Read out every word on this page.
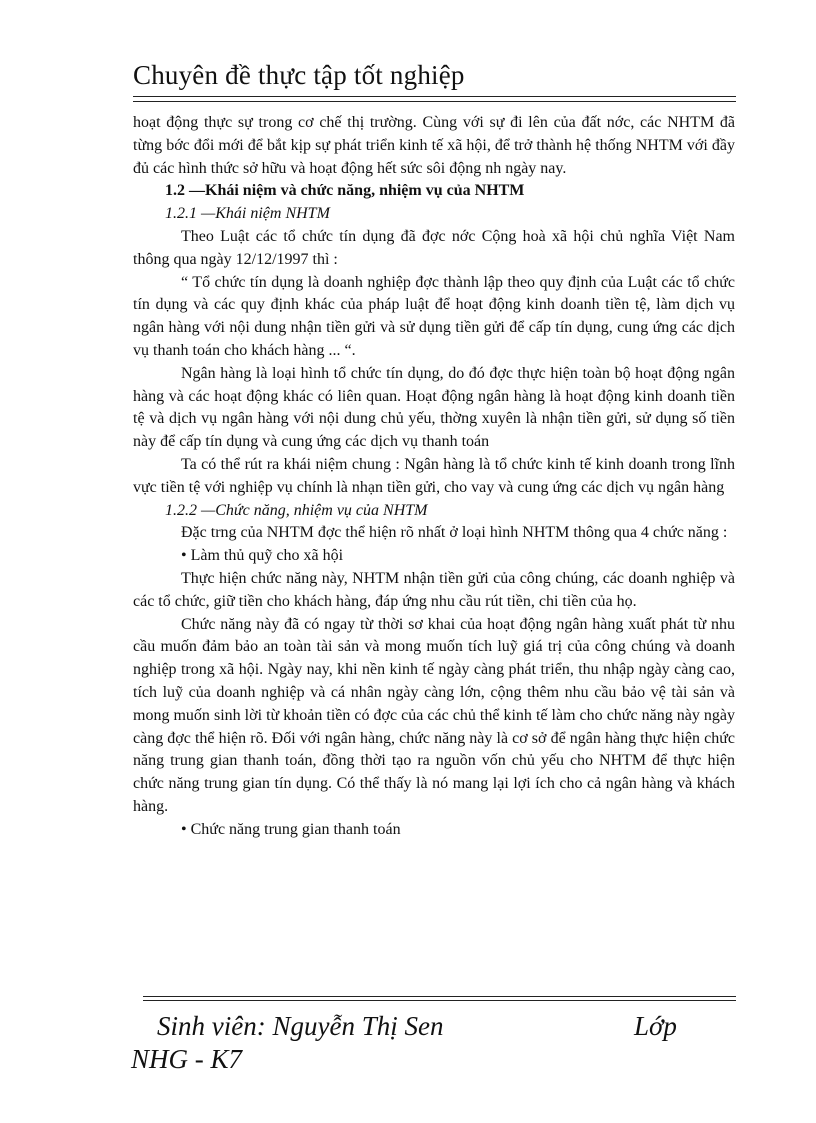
Chuyên đề thực tập tốt nghiệp

hoạt động thực sự trong cơ chế thị trường. Cùng với sự đi lên của đất nớc, các NHTM đã từng bớc đổi mới để bắt kịp sự phát triển kinh tế xã hội, để trở thành hệ thống NHTM với đầy đủ các hình thức sở hữu và hoạt động hết sức sôi động nh ngày nay.

1.2 —Khái niệm và chức năng, nhiệm vụ của NHTM

1.2.1 —Khái niệm NHTM

Theo Luật các tổ chức tín dụng đã đợc nớc Cộng hoà xã hội chủ nghĩa Việt Nam thông qua ngày 12/12/1997 thì :

“ Tổ chức tín dụng là doanh nghiệp đợc thành lập theo quy định của Luật các tổ chức tín dụng và các quy định khác của pháp luật để hoạt động kinh doanh tiền tệ, làm dịch vụ ngân hàng với nội dung nhận tiền gửi và sử dụng tiền gửi để cấp tín dụng, cung ứng các dịch vụ thanh toán cho khách hàng ... “.

Ngân hàng là loại hình tổ chức tín dụng, do đó đợc thực hiện toàn bộ hoạt động ngân hàng và các hoạt động khác có liên quan. Hoạt động ngân hàng là hoạt động kinh doanh tiền tệ và dịch vụ ngân hàng với nội dung chủ yếu, thờng xuyên là nhận tiền gửi, sử dụng số tiền này để cấp tín dụng và cung ứng các dịch vụ thanh toán

Ta có thể rút ra khái niệm chung : Ngân hàng là tổ chức kinh tế kinh doanh trong lĩnh vực tiền tệ với nghiệp vụ chính là nhạn tiền gửi, cho vay và cung ứng các dịch vụ ngân hàng

1.2.2 —Chức năng, nhiệm vụ của NHTM

Đặc trng của NHTM đợc thể hiện rõ nhất ở loại hình NHTM thông qua 4 chức năng :

• Làm thủ quỹ cho xã hội

Thực hiện chức năng này, NHTM nhận tiền gửi của công chúng, các doanh nghiệp và các tổ chức, giữ tiền cho khách hàng, đáp ứng nhu cầu rút tiền, chi tiền của họ.

Chức năng này đã có ngay từ thời sơ khai của hoạt động ngân hàng xuất phát từ nhu cầu muốn đảm bảo an toàn tài sản và mong muốn tích luỹ giá trị của công chúng và doanh nghiệp trong xã hội. Ngày nay, khi nền kinh tế ngày càng phát triển, thu nhập ngày càng cao, tích luỹ của doanh nghiệp và cá nhân ngày càng lớn, cộng thêm nhu cầu bảo vệ tài sản và mong muốn sinh lời từ khoản tiền có đợc của các chủ thể kinh tế làm cho chức năng này ngày càng đợc thể hiện rõ. Đối với ngân hàng, chức năng này là cơ sở để ngân hàng thực hiện chức năng trung gian thanh toán, đồng thời tạo ra nguồn vốn chủ yếu cho NHTM để thực hiện chức năng trung gian tín dụng. Có thể thấy là nó mang lại lợi ích cho cả ngân hàng và khách hàng.

• Chức năng trung gian thanh toán

Sinh viên: Nguyễn Thị Sen	Lớp
NHG - K7
